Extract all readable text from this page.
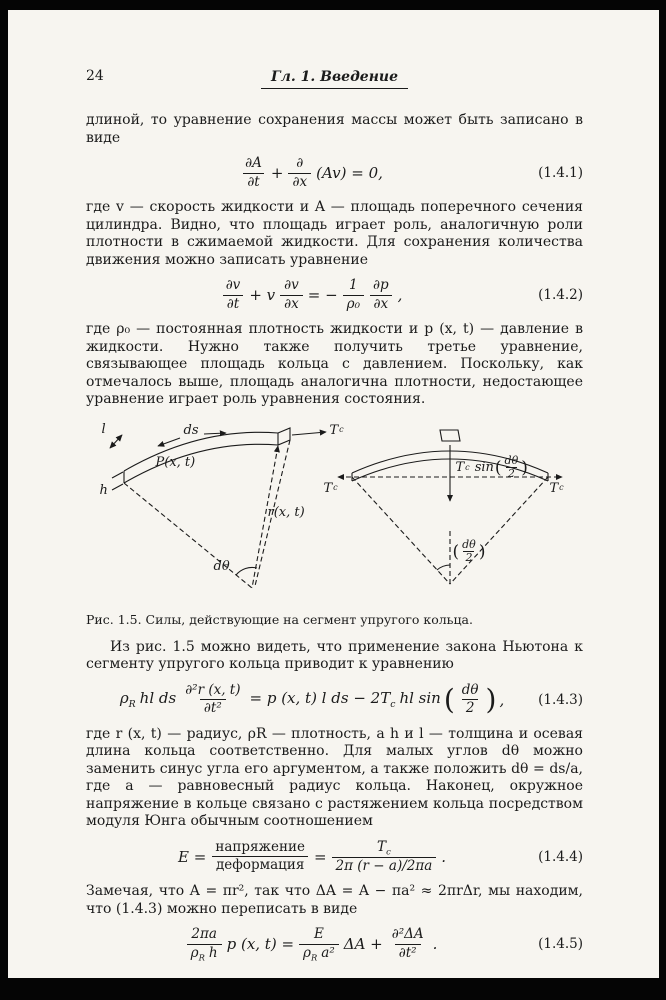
24	Гл. 1. Введение

длиной, то уравнение сохранения массы может быть записано в виде

$\frac{\partial A}{\partial t} + \frac{\partial}{\partial x} (Av) = 0$,	(1.4.1)

где v — скорость жидкости и A — площадь поперечного сечения цилиндра. Видно, что площадь играет роль, аналогичную роли плотности в сжимаемой жидкости. Для сохранения количества движения можно записать уравнение

$\frac{\partial v}{\partial t} + v \frac{\partial v}{\partial x}$ = − $\frac{1}{\text{ρ₀}} \frac{\partial p}{\partial x}$ ,	(1.4.2)

где ρ₀ — постоянная плотность жидкости и p (x, t) — давление в жидкости. Нужно также получить третье уравнение, связывающее площадь кольца с давлением. Поскольку, как отмечалось выше, площадь аналогична плотности, недостающее уравнение играет роль уравнения состояния.

l	ds
P(x, t)
h
T c
r(x, t)
dθ
T c sin ( $\frac{d\theta}{2}$ )
T c	T c
( $\frac{d\theta}{2}$ )

Рис. 1.5. Силы, действующие на сегмент упругого кольца.

Из рис. 1.5 можно видеть, что применение закона Ньютона к сегменту упругого кольца приводит к уравнению

$\rho_R$ hl ds $\frac{\text{∂²r (x, t)}}{\text{∂t²}} = p$ (x, t) l ds − $2T_c$ hl sin ( $\frac{d\theta}{2}$ ) ,	(1.4.3)

где r (x, t) — радиус, ρR — плотность, а h и l — толщина и осевая длина кольца соответственно. Для малых углов dθ можно заменить синус угла его аргументом, а также положить dθ = ds/a, где a — равновесный радиус кольца. Наконец, окружное напряжение в кольце связано с растяжением кольца посредством модуля Юнга обычным соотношением

$E = \frac{\text{напряжение}}{\text{деформация}} = \frac{T_c}{2\pi (r - a)/2\pi a}$ .	(1.4.4)

Замечая, что A = πr², так что ΔA = A − πa² ≈ 2πrΔr, мы находим, что (1.4.3) можно переписать в виде

$\frac{2\pi a}{\rho_R h}$ p (x, $t) = \frac{E}{\rho_R a^2}$ $\Delta A + \frac{\text{∂²ΔA}}{\text{∂t²}}$ .	(1.4.5)
